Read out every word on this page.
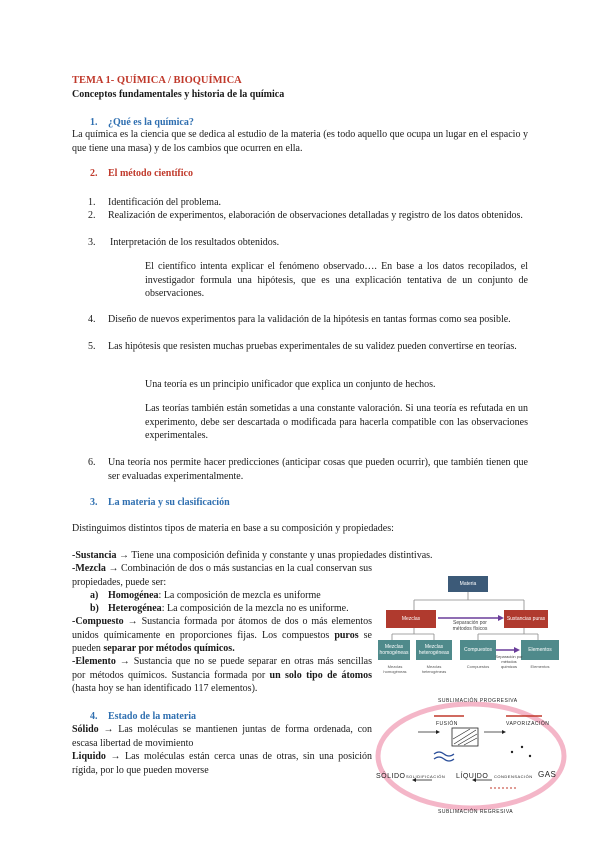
TEMA 1- QUÍMICA / BIOQUÍMICA
Conceptos fundamentales y historia de la química
1. ¿Qué es la química?
La química es la ciencia que se dedica al estudio de la materia (es todo aquello que ocupa un lugar en el espacio y que tiene una masa) y de los cambios que ocurren en ella.
2. El método científico
1.	Identificación del problema.
2.	Realización de experimentos, elaboración de observaciones detalladas y registro de los datos obtenidos.
3.	Interpretación de los resultados obtenidos.
El científico intenta explicar el fenómeno observado…. En base a los datos recopilados, el investigador formula una hipótesis, que es una explicación tentativa de un conjunto de observaciones.
4.	Diseño de nuevos experimentos para la validación de la hipótesis en tantas formas como sea posible.
5.	Las hipótesis que resisten muchas pruebas experimentales de su validez pueden convertirse en teorías.
Una teoría es un principio unificador que explica un conjunto de hechos.
Las teorías también están sometidas a una constante valoración. Si una teoría es refutada en un experimento, debe ser descartada o modificada para hacerla compatible con las observaciones experimentales.
6.	Una teoría nos permite hacer predicciones (anticipar cosas que pueden ocurrir), que también tienen que ser evaluadas experimentalmente.
3. La materia y su clasificación
Distinguimos distintos tipos de materia en base a su composición y propiedades:
-Sustancia → Tiene una composición definida y constante y unas propiedades distintivas.
-Mezcla → Combinación de dos o más sustancias en la cual conservan sus propiedades, puede ser:
a) Homogénea: La composición de mezcla es uniforme
b) Heterogénea: La composición de la mezcla no es uniforme.
-Compuesto → Sustancia formada por átomos de dos o más elementos unidos químicamente en proporciones fijas. Los compuestos puros se pueden separar por métodos químicos.
-Elemento → Sustancia que no se puede separar en otras más sencillas por métodos químicos. Sustancia formada por un solo tipo de átomos (hasta hoy se han identificado 117 elementos).
Materia
Mezclas	Sustancias puras
Separación por métodos físicos
Mezclas homogéneas
Mezclas heterogéneas	Compuestos	Elementos
Separación por métodos químicos
Mezclas homogéneas
Mezclas heterogéneas
Compuestos	Elementos
4. Estado de la materia
Sólido → Las moléculas se mantienen juntas de forma ordenada, con escasa libertad de movimiento
Liquido → Las moléculas están cerca unas de otras, sin una posición rígida, por lo que pueden moverse
SUBLIMACIÓN PROGRESIVA
FUSIÓN	VAPORIZACIÓN
SÓLIDO SOLIDIFICACIÓN LÍQUIDO CONDENSACIÓN GAS
SUBLIMACIÓN REGRESIVA
